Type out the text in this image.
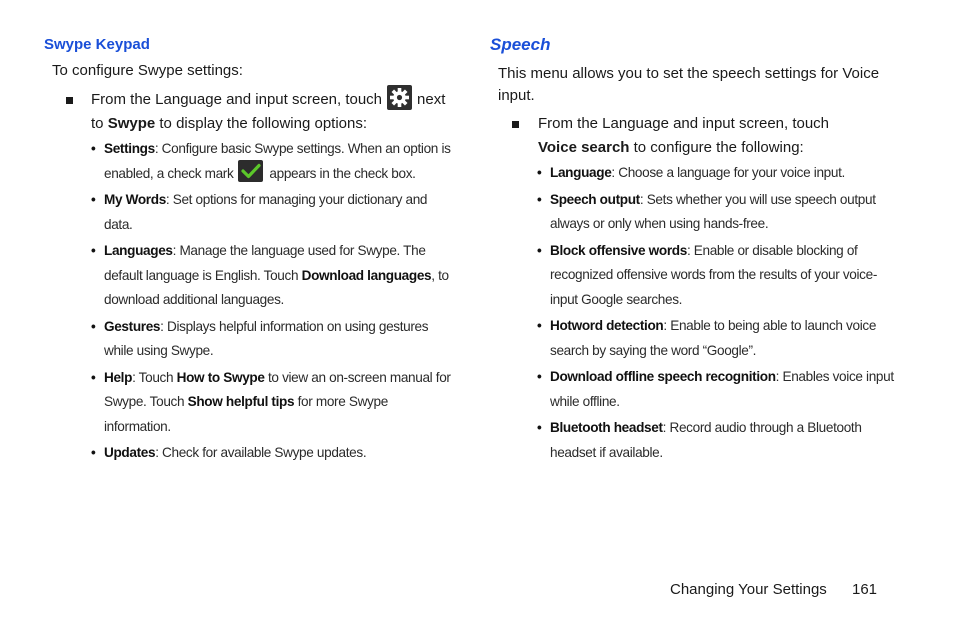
Swype Keypad
To configure Swype settings:
From the Language and input screen, touch next
to Swype to display the following options:
• Settings: Configure basic Swype settings. When an option is enabled, a check mark	appears in the check box.
• My Words: Set options for managing your dictionary and data.
• Languages: Manage the language used for Swype. The default language is English. Touch Download languages, to download additional languages.
• Gestures: Displays helpful information on using gestures while using Swype.
• Help: Touch How to Swype to view an on-screen manual for Swype. Touch Show helpful tips for more Swype information.
• Updates: Check for available Swype updates.
Speech
This menu allows you to set the speech settings for Voice input.
From the Language and input screen, touch
Voice search to configure the following:
• Language: Choose a language for your voice input.
• Speech output: Sets whether you will use speech output always or only when using hands-free.
• Block offensive words: Enable or disable blocking of recognized offensive words from the results of your voice-input Google searches.
• Hotword detection: Enable to being able to launch voice search by saying the word “Google”.
• Download offline speech recognition: Enables voice input while offline.
• Bluetooth headset: Record audio through a Bluetooth headset if available.
Changing Your Settings 161
